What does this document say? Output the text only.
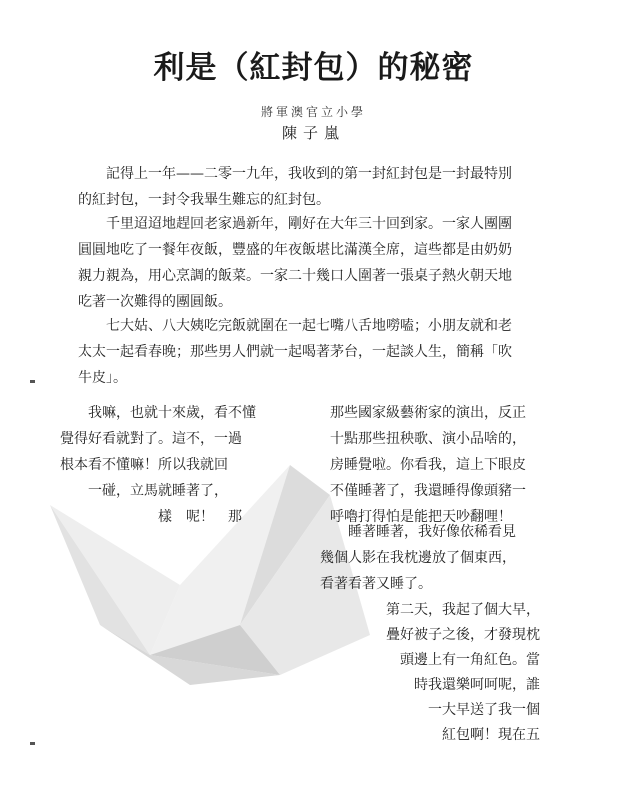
利是（紅封包）的秘密
將軍澳官立小學
陳子嵐

　　記得上一年——二零一九年，我收到的第一封紅封包是一封最特別
的紅封包，一封令我畢生難忘的紅封包。

　　千里迢迢地趕回老家過新年，剛好在大年三十回到家。一家人團團
圓圓地吃了一餐年夜飯，豐盛的年夜飯堪比滿漢全席，這些都是由奶奶
親力親為，用心烹調的飯菜。一家二十幾口人圍著一張桌子熱火朝天地
吃著一次難得的團圓飯。

　　七大姑、八大姨吃完飯就圍在一起七嘴八舌地嘮嗑；小朋友就和老
太太一起看春晚；那些男人們就一起喝著茅台，一起談人生，簡稱「吹
牛皮」。

　　我嘛，也就十來歲，看不懂
覺得好看就對了。這不，一過
根本看不懂嘛！所以我就回
　　一碰，立馬就睡著了，
　　　　　　　樣　呢！　那
　那些國家級藝術家的演出，反正
　十點那些扭秧歌、演小品啥的，
　房睡覺啦。你看我，這上下眼皮
　不僅睡著了，我還睡得像頭豬一
　呼嚕打得怕是能把天吵翻哩！
　　睡著睡著，我好像依稀看見
幾個人影在我枕邊放了個東西，
看著看著又睡了。
第二天，我起了個大早，
疊好被子之後，才發現枕
頭邊上有一角紅色。當
時我還樂呵呵呢，誰
一大早送了我一個
紅包啊！現在五
